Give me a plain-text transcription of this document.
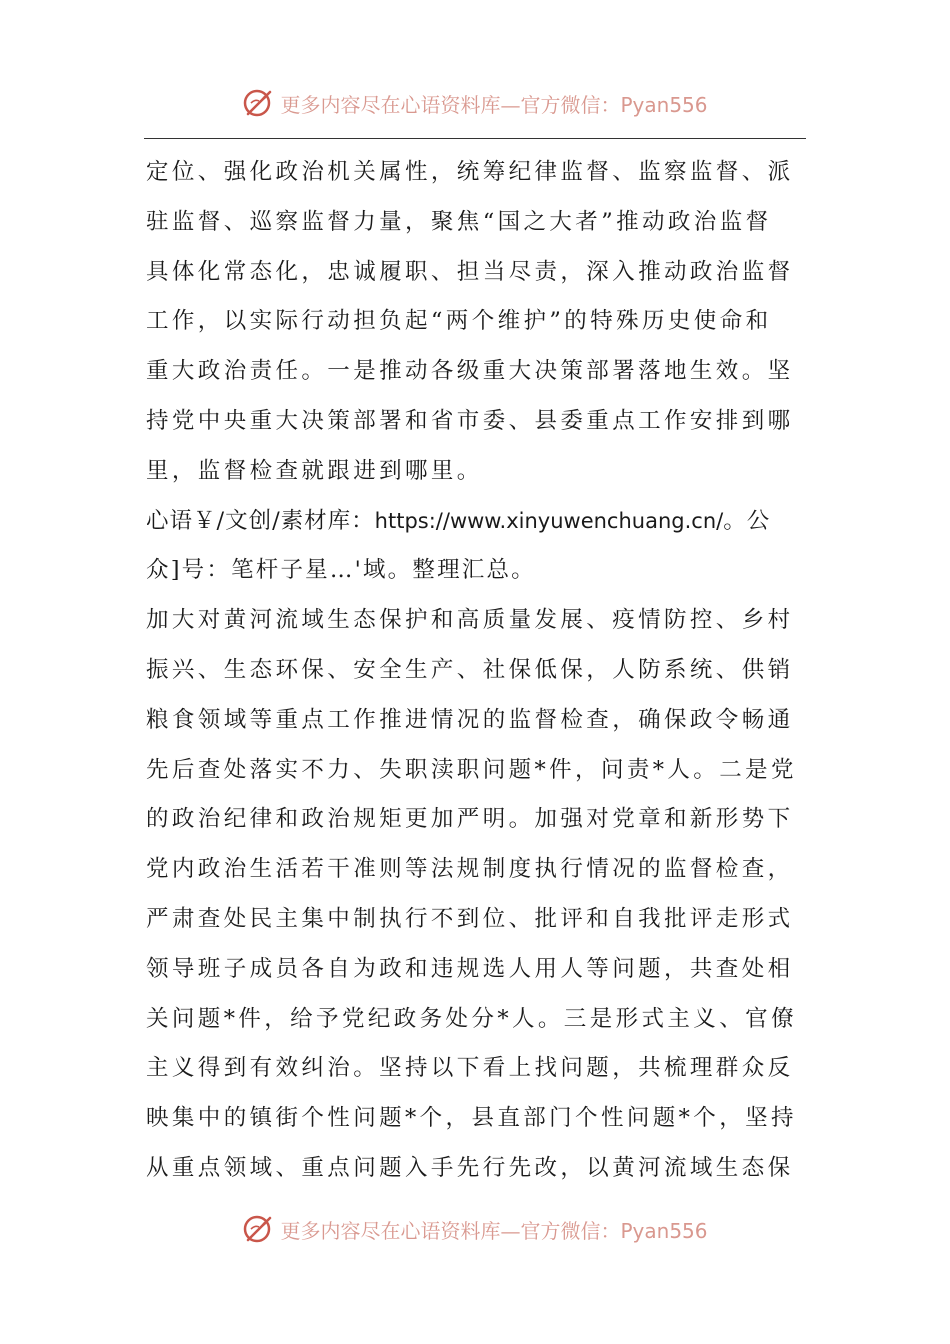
更多内容尽在心语资料库—官方微信：Pyan556
定位、强化政治机关属性，统筹纪律监督、监察监督、派
驻监督、巡察监督力量，聚焦“国之大者”推动政治监督
具体化常态化，忠诚履职、担当尽责，深入推动政治监督
工作，以实际行动担负起“两个维护”的特殊历史使命和
重大政治责任。一是推动各级重大决策部署落地生效。坚
持党中央重大决策部署和省市委、县委重点工作安排到哪
里，监督检查就跟进到哪里。
心语￥/文创/素材库：https://www.xinyuwenchuang.cn/。公
众]号：笔杆子星…'域。整理汇总。
加大对黄河流域生态保护和高质量发展、疫情防控、乡村
振兴、生态环保、安全生产、社保低保，人防系统、供销
粮食领域等重点工作推进情况的监督检查，确保政令畅通
先后查处落实不力、失职渎职问题*件，问责*人。二是党
的政治纪律和政治规矩更加严明。加强对党章和新形势下
党内政治生活若干准则等法规制度执行情况的监督检查，
严肃查处民主集中制执行不到位、批评和自我批评走形式
领导班子成员各自为政和违规选人用人等问题，共查处相
关问题*件，给予党纪政务处分*人。三是形式主义、官僚
主义得到有效纠治。坚持以下看上找问题，共梳理群众反
映集中的镇街个性问题*个，县直部门个性问题*个，坚持
从重点领域、重点问题入手先行先改，以黄河流域生态保
更多内容尽在心语资料库—官方微信：Pyan556
